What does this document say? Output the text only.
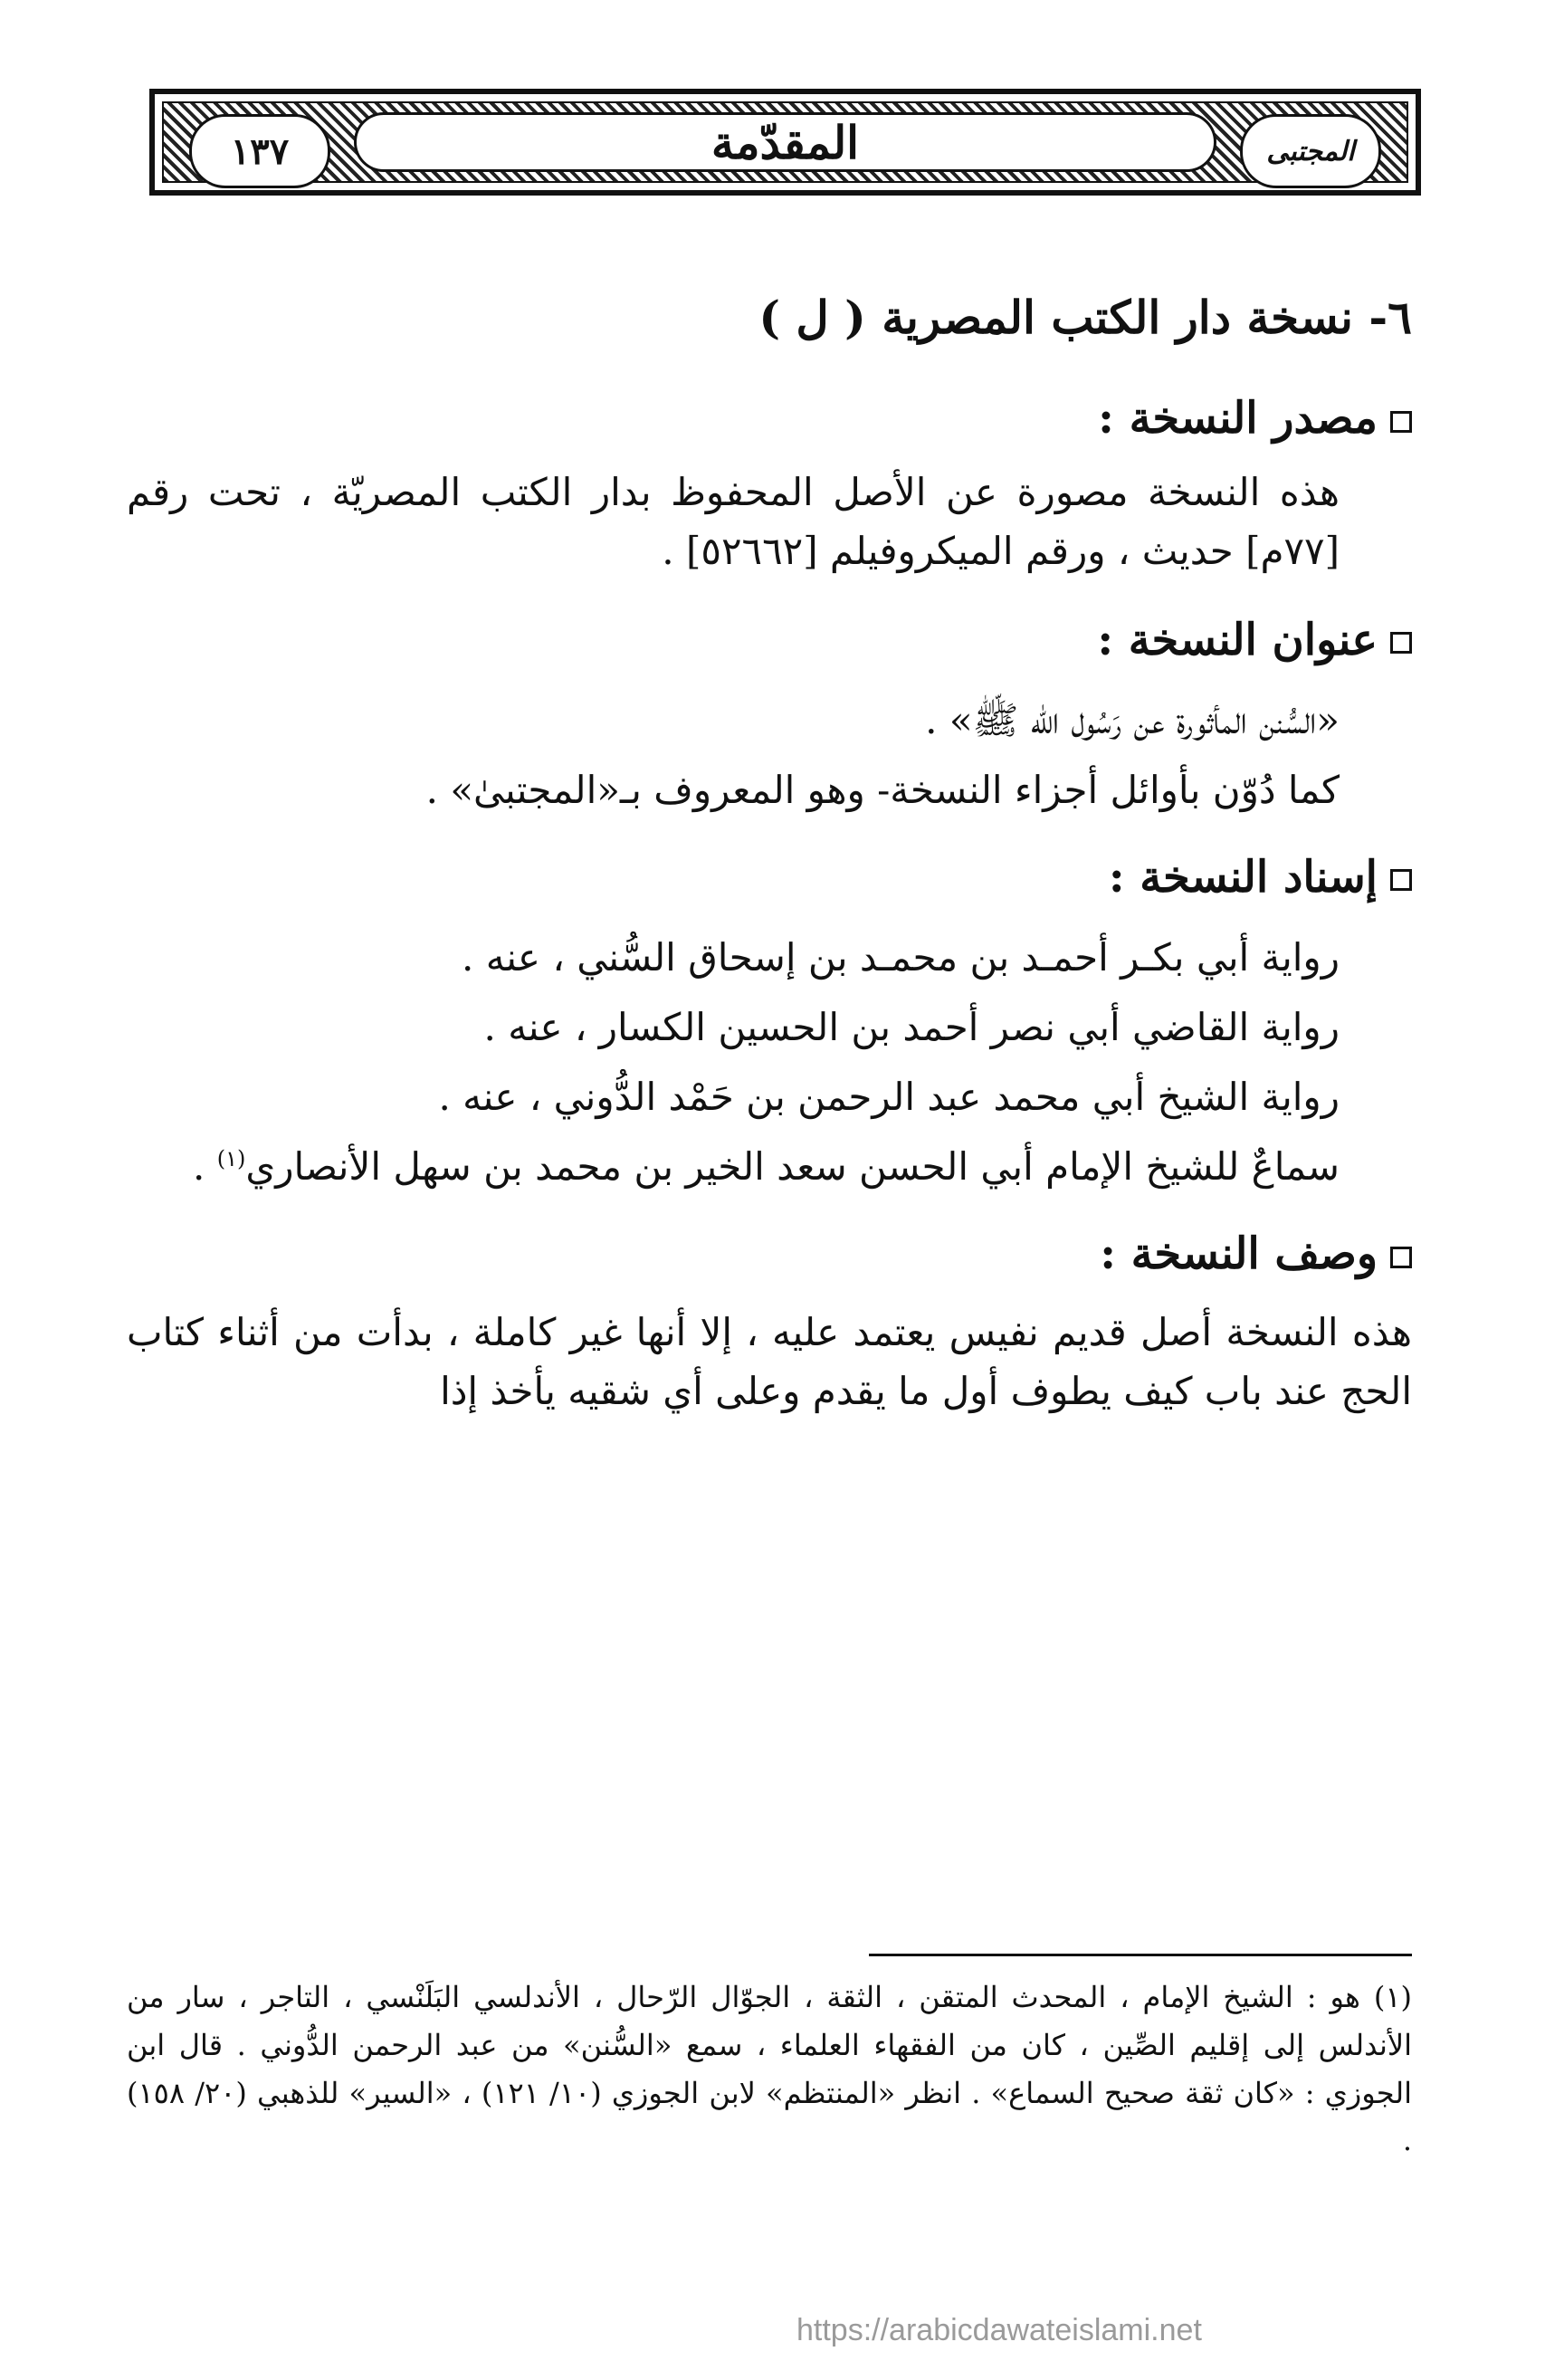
١٣٧	المقدّمة	المجتبى
٦- نسخة دار الكتب المصرية ( ل )
مصدر النسخة :

هذه النسخة مصورة عن الأصل المحفوظ بدار الكتب المصريّة ، تحت رقم [٧٧م] حديث ، ورقم الميكروفيلم [٥٢٦٦٢] .

عنوان النسخة :

«السُّنن المأثورة عن رَسُول الله ﷺ» .

كما دُوّن بأوائل أجزاء النسخة- وهو المعروف بـ«المجتبىٰ» .

إسناد النسخة :

رواية أبي بكـر أحمـد بن محمـد بن إسحاق السُّني ، عنه .

رواية القاضي أبي نصر أحمد بن الحسين الكسار ، عنه .

رواية الشيخ أبي محمد عبد الرحمن بن حَمْد الدُّوني ، عنه .

سماعٌ للشيخ الإمام أبي الحسن سعد الخير بن محمد بن سهل الأنصاري$^{(١)}$ .

وصف النسخة :

هذه النسخة أصل قديم نفيس يعتمد عليه ، إلا أنها غير كاملة ، بدأت من أثناء كتاب الحج عند باب كيف يطوف أول ما يقدم وعلى أي شقيه يأخذ إذا

(١) هو : الشيخ الإمام ، المحدث المتقن ، الثقة ، الجوّال الرّحال ، الأندلسي البَلَنْسي ، التاجر ، سار من الأندلس إلى إقليم الصِّين ، كان من الفقهاء العلماء ، سمع «السُّنن» من عبد الرحمن الدُّوني . قال ابن الجوزي : «كان ثقة صحيح السماع» . انظر «المنتظم» لابن الجوزي (١٠/ ١٢١) ، «السير» للذهبي (٢٠/ ١٥٨) .
https://arabicdawateislami.net
